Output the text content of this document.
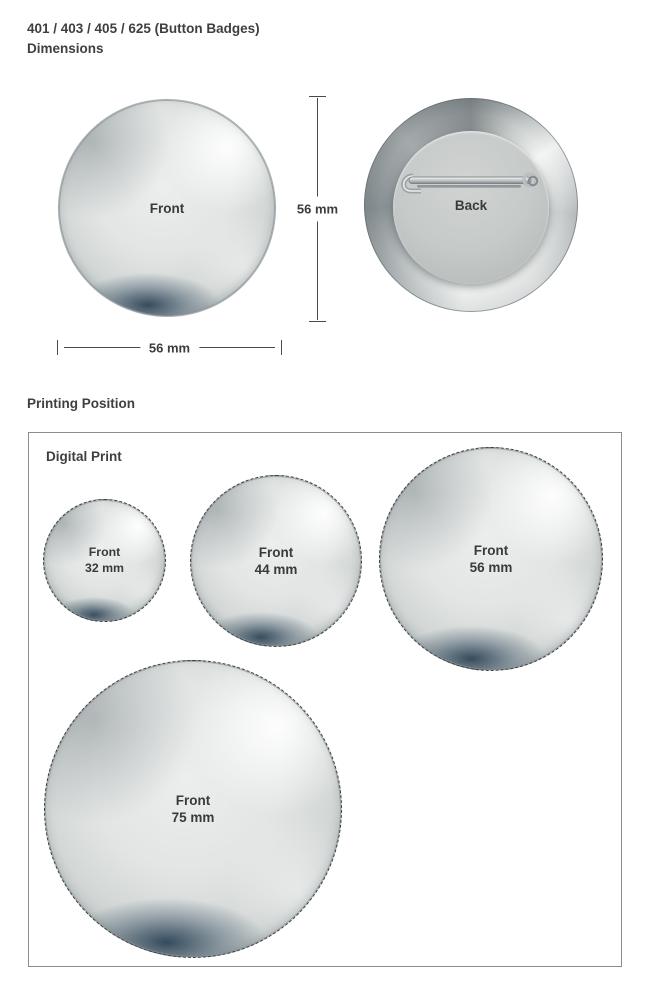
401 / 403 / 405 / 625 (Button Badges)
Dimensions
Front	56 mm
56 mm
Back
Printing Position
Digital Print
Front
32 mm
Front
44 mm
Front
56 mm
Front
75 mm
